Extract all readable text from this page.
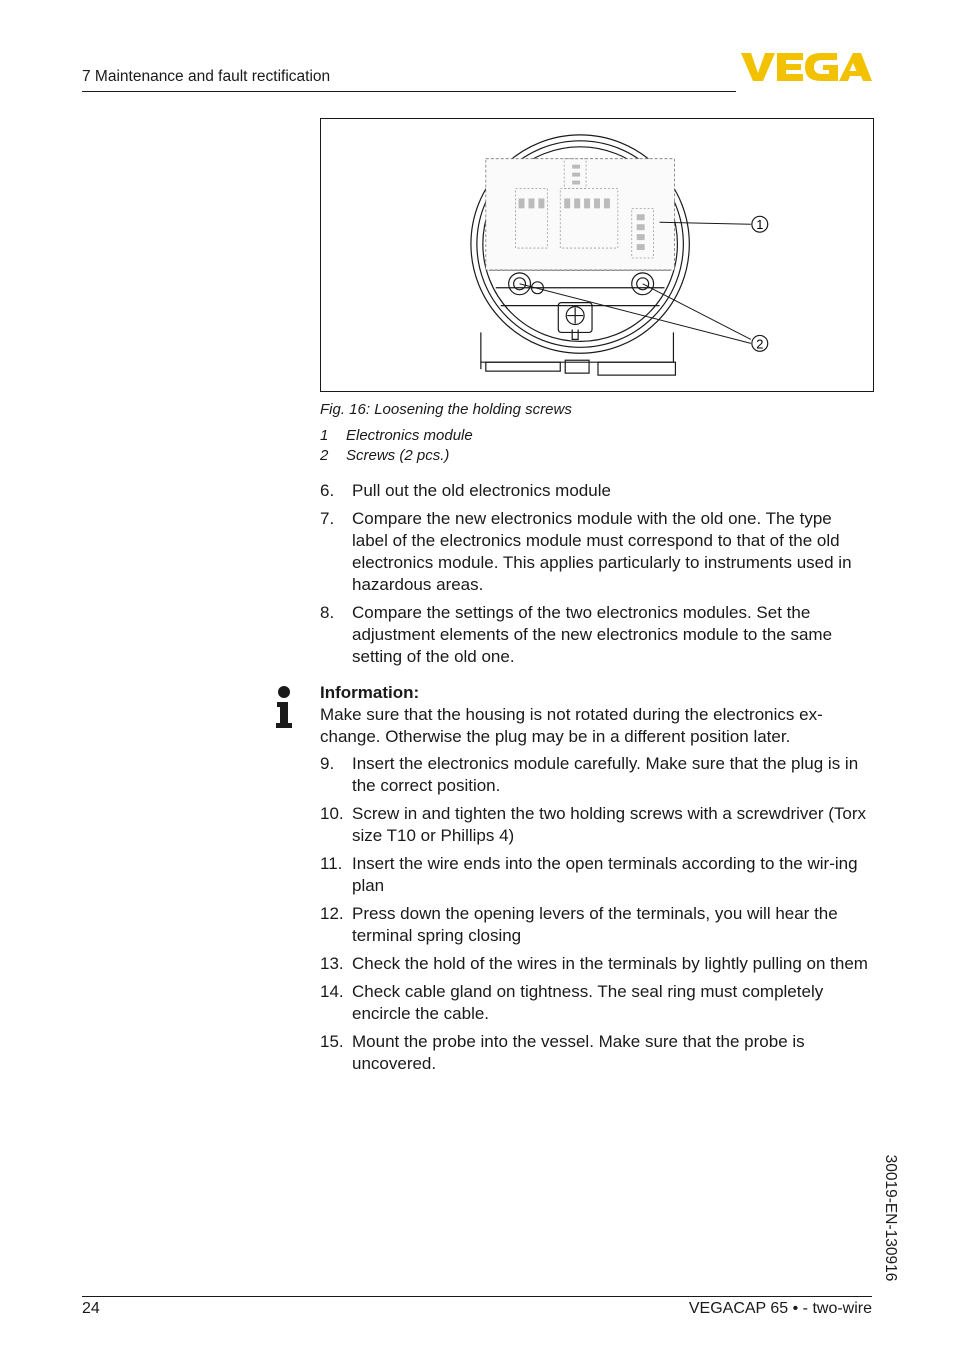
7 Maintenance and fault rectification
1
2
Fig. 16: Loosening the holding screws
1	Electronics module
2	Screws (2 pcs.)
6.	Pull out the old electronics module
7.	Compare the new electronics module with the old one. The type label of the electronics module must correspond to that of the old electronics module. This applies particularly to instruments used in hazardous areas.
8.	Compare the settings of the two electronics modules. Set the adjustment elements of the new electronics module to the same setting of the old one.
Information:
Make sure that the housing is not rotated during the electronics ex-change. Otherwise the plug may be in a different position later.
9.	Insert the electronics module carefully. Make sure that the plug is in the correct position.
10. Screw in and tighten the two holding screws with a screwdriver (Torx size T10 or Phillips 4)
11. Insert the wire ends into the open terminals according to the wir-ing plan
12. Press down the opening levers of the terminals, you will hear the terminal spring closing
13. Check the hold of the wires in the terminals by lightly pulling on them
14. Check cable gland on tightness. The seal ring must completely encircle the cable.
15. Mount the probe into the vessel. Make sure that the probe is uncovered.
30019-EN-130916
24	VEGACAP 65 • - two-wire
